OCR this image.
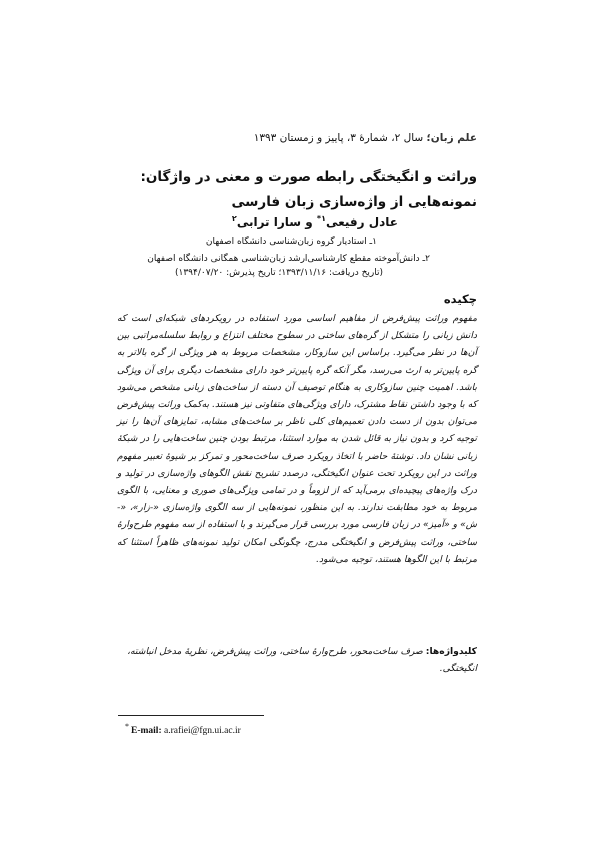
علم زبان؛ سال ۲، شمارهٔ ۳، پاییز و زمستان ۱۳۹۳
وراثت و انگیختگی رابطه صورت و معنی در واژگان: نمونه‌هایی از واژه‌سازی زبان فارسی
عادل رفیعی$^{۱*}$ و سارا ترابی$^۲$
۱ـ استادیار گروه زبان‌شناسی دانشگاه اصفهان
۲ـ دانش‌آموخته مقطع کارشناسی‌ارشد زبان‌شناسی همگانی دانشگاه اصفهان
(تاریخ دریافت: ۱۳۹۳/۱۱/۱۶؛ تاریخ پذیرش: ۱۳۹۴/۰۷/۲۰)
چکیده
مفهوم وراثت پیش‌فرض از مفاهیم اساسی مورد استفاده در رویکردهای شبکه‌ای است که دانش زبانی را متشکل از گره‌های ساختی در سطوح مختلف انتزاع و روابط سلسله‌مراتبی بین آن‌ها در نظر می‌گیرد. براساس این سازوکار، مشخصات مربوط به هر ویژگی از گره بالاتر به گره پایین‌تر به ارث می‌رسد، مگر آنکه گره پایین‌تر خود دارای مشخصات دیگری برای آن ویژگی باشد. اهمیت چنین سازوکاری به هنگام توصیف آن دسته از ساخت‌های زبانی مشخص می‌شود که با وجود داشتن نقاط مشترک، دارای ویژگی‌های متفاوتی نیز هستند. به‌کمک وراثت پیش‌فرض می‌توان بدون از دست دادن تعمیم‌های کلی ناظر بر ساخت‌های مشابه، تمایزهای آن‌ها را نیز توجیه کرد و بدون نیاز به قائل شدن به موارد استثنا، مرتبط بودن چنین ساخت‌هایی را در شبکهٔ زبانی نشان داد. نوشتهٔ حاضر با اتخاذ رویکرد صرف ساخت‌محور و تمرکز بر شیوهٔ تعبیر مفهوم وراثت در این رویکرد تحت عنوان انگیختگی، درصدد تشریح نقش الگوهای واژه‌سازی در تولید و درک واژه‌های پیچیده‌ای برمی‌آید که از لزوماً و در تمامی ویژگی‌های صوری و معنایی، با الگوی مربوط به خود مطابقت ندارند. به این منظور، نمونه‌هایی از سه الگوی واژه‌سازی «-زار»، «-ش» و «آمیز» در زبان فارسی مورد بررسی قرار می‌گیرند و با استفاده از سه مفهوم طرح‌وارهٔ ساختی، وراثت پیش‌فرض و انگیختگی مدرج، چگونگی امکان تولید نمونه‌های ظاهراً استثنا که مرتبط با این الگوها هستند، توجیه می‌شود.
کلیدواژه‌ها: صرف ساخت‌محور، طرح‌وارهٔ ساختی، وراثت پیش‌فرض، نظریهٔ مدخل انباشته، انگیختگی.
* E-mail: a.rafiei@fgn.ui.ac.ir
